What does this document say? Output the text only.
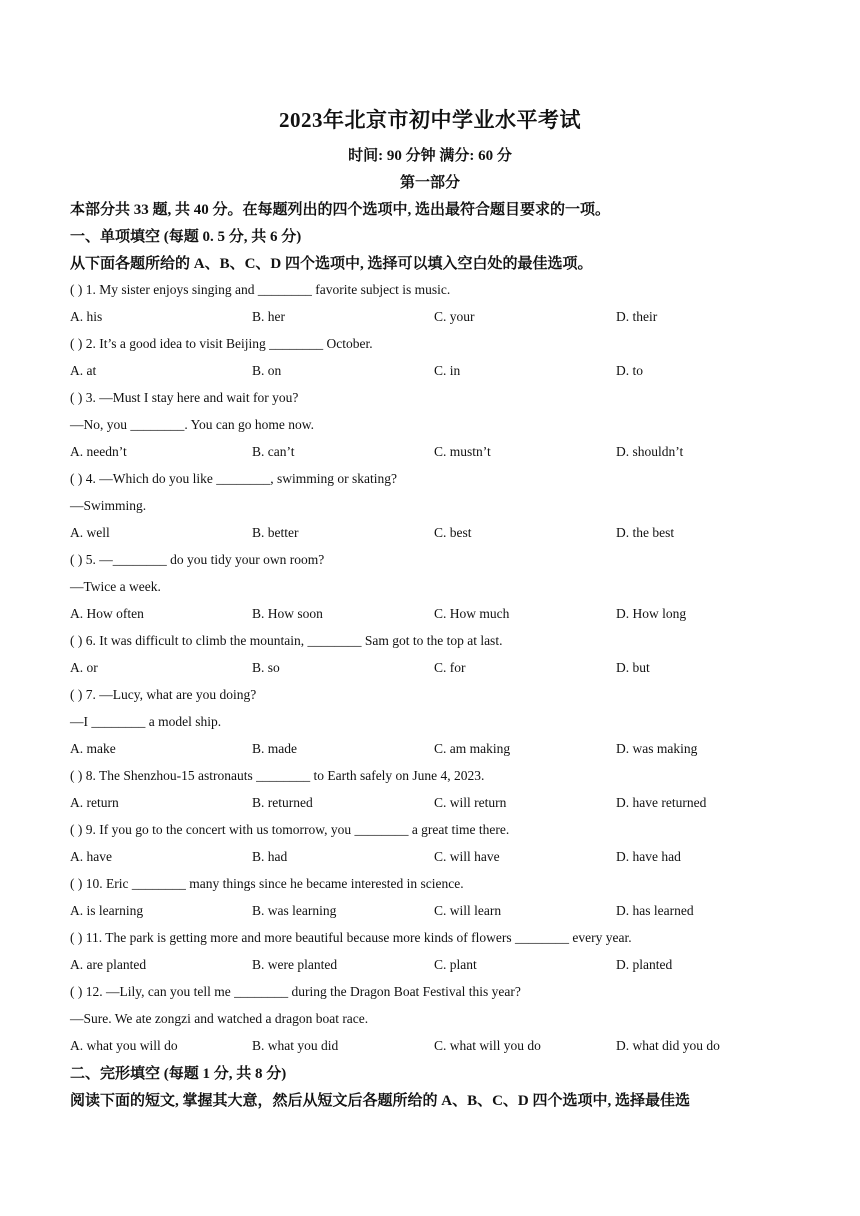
2023年北京市初中学业水平考试
时间: 90 分钟 满分: 60 分
第一部分
本部分共 33 题, 共 40 分。在每题列出的四个选项中, 选出最符合题目要求的一项。
一、单项填空 (每题 0. 5 分, 共 6 分)
从下面各题所给的 A、B、C、D 四个选项中, 选择可以填入空白处的最佳选项。
( ) 1. My sister enjoys singing and ________ favorite subject is music.
A. his	B. her	C. your	D. their
( ) 2. It’s a good idea to visit Beijing ________ October.
A. at	B. on	C. in	D. to
( ) 3. —Must I stay here and wait for you?
—No, you ________. You can go home now.
A. needn’t	B. can’t	C. mustn’t	D. shouldn’t
( ) 4. —Which do you like ________, swimming or skating?
—Swimming.
A. well	B. better	C. best	D. the best
( ) 5. —________ do you tidy your own room?
—Twice a week.
A. How often	B. How soon	C. How much	D. How long
( ) 6. It was difficult to climb the mountain, ________ Sam got to the top at last.
A. or	B. so	C. for	D. but
( ) 7. —Lucy, what are you doing?
—I ________ a model ship.
A. make	B. made	C. am making	D. was making
( ) 8. The Shenzhou-15 astronauts ________ to Earth safely on June 4, 2023.
A. return	B. returned	C. will return	D. have returned
( ) 9. If you go to the concert with us tomorrow, you ________ a great time there.
A. have	B. had	C. will have	D. have had
( ) 10. Eric ________ many things since he became interested in science.
A. is learning	B. was learning	C. will learn	D. has learned
( ) 11. The park is getting more and more beautiful because more kinds of flowers ________ every year.
A. are planted	B. were planted	C. plant	D. planted
( ) 12. —Lily, can you tell me ________ during the Dragon Boat Festival this year?
—Sure. We ate zongzi and watched a dragon boat race.
A. what you will do	B. what you did	C. what will you do	D. what did you do
二、完形填空 (每题 1 分, 共 8 分)
阅读下面的短文, 掌握其大意，然后从短文后各题所给的 A、B、C、D 四个选项中, 选择最佳选
